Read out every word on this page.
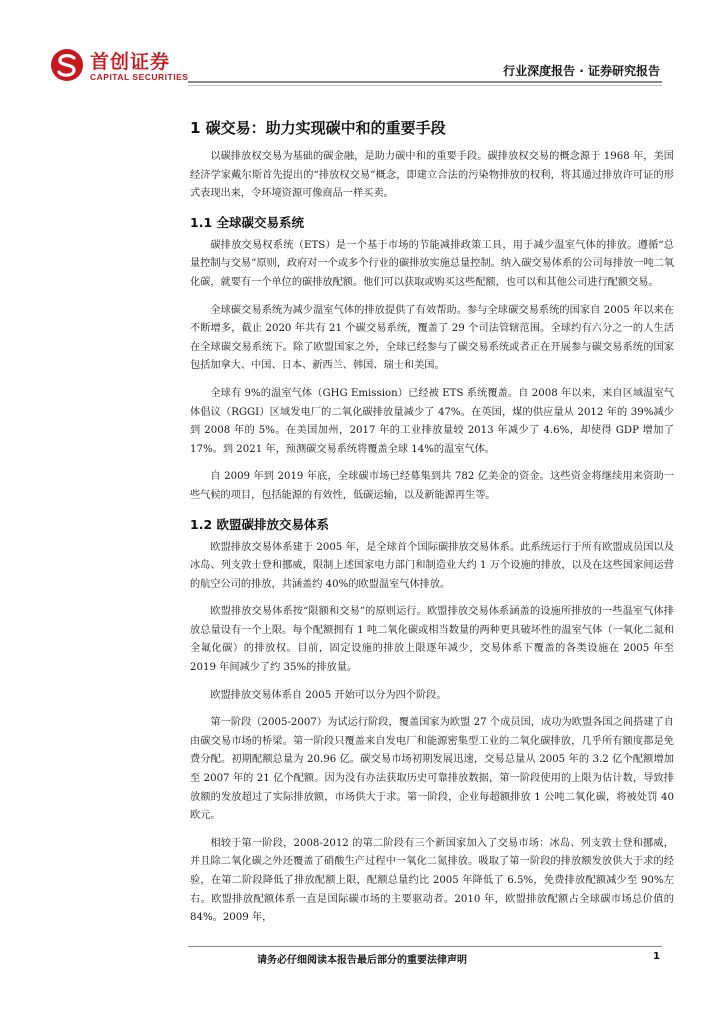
首创证券
CAPITAL SECURITIES	行业深度报告 · 证券研究报告
1 碳交易：助力实现碳中和的重要手段

以碳排放权交易为基础的碳金融，是助力碳中和的重要手段。碳排放权交易的概念源于 1968 年，美国经济学家戴尔斯首先提出的“排放权交易”概念，即建立合法的污染物排放的权利，将其通过排放许可证的形式表现出来，令环境资源可像商品一样买卖。

1.1 全球碳交易系统

碳排放交易权系统（ETS）是一个基于市场的节能减排政策工具，用于减少温室气体的排放。遵循“总量控制与交易”原则，政府对一个或多个行业的碳排放实施总量控制。纳入碳交易体系的公司每排放一吨二氧化碳，就要有一个单位的碳排放配额。他们可以获取或购买这些配额，也可以和其他公司进行配额交易。

全球碳交易系统为减少温室气体的排放提供了有效帮助。参与全球碳交易系统的国家自 2005 年以来在不断增多，截止 2020 年共有 21 个碳交易系统，覆盖了 29 个司法管辖范围。全球约有六分之一的人生活在全球碳交易系统下。除了欧盟国家之外，全球已经参与了碳交易系统或者正在开展参与碳交易系统的国家包括加拿大、中国、日本、新西兰、韩国、瑞士和美国。

全球有 9%的温室气体（GHG Emission）已经被 ETS 系统覆盖。自 2008 年以来，来自区域温室气体倡议（RGGI）区域发电厂的二氧化碳排放量减少了 47%。在英国，煤的供应量从 2012 年的 39%减少到 2008 年的 5%。在美国加州，2017 年的工业排放量较 2013 年减少了 4.6%，却使得 GDP 增加了 17%。到 2021 年，预测碳交易系统将覆盖全球 14%的温室气体。

自 2009 年到 2019 年底，全球碳市场已经募集到共 782 亿美金的资金。这些资金将继续用来资助一些气候的项目，包括能源的有效性，低碳运输，以及新能源再生等。

1.2 欧盟碳排放交易体系

欧盟排放交易体系建于 2005 年，是全球首个国际碳排放交易体系。此系统运行于所有欧盟成员国以及冰岛、列支敦士登和挪威，限制上述国家电力部门和制造业大约 1 万个设施的排放，以及在这些国家间运营的航空公司的排放，共涵盖约 40%的欧盟温室气体排放。

欧盟排放交易体系按“限额和交易”的原则运行。欧盟排放交易体系涵盖的设施所排放的一些温室气体排放总量设有一个上限。每个配额拥有 1 吨二氧化碳或相当数量的两种更具破坏性的温室气体（一氧化二氮和全氟化碳）的排放权。目前，固定设施的排放上限逐年减少，交易体系下覆盖的各类设施在 2005 年至 2019 年间减少了约 35%的排放量。

欧盟排放交易体系自 2005 开始可以分为四个阶段。

第一阶段（2005-2007）为试运行阶段，覆盖国家为欧盟 27 个成员国，成功为欧盟各国之间搭建了自由碳交易市场的桥梁。第一阶段只覆盖来自发电厂和能源密集型工业的二氧化碳排放，几乎所有额度都是免费分配。初期配额总量为 20.96 亿。碳交易市场初期发展迅速，交易总量从 2005 年的 3.2 亿个配额增加至 2007 年的 21 亿个配额。因为没有办法获取历史可靠排放数据，第一阶段使用的上限为估计数，导致排放额的发放超过了实际排放额，市场供大于求。第一阶段，企业每超额排放 1 公吨二氧化碳，将被处罚 40 欧元。

相较于第一阶段，2008-2012 的第二阶段有三个新国家加入了交易市场：冰岛、列支敦士登和挪威，并且除二氧化碳之外还覆盖了硝酸生产过程中一氧化二氮排放。吸取了第一阶段的排放额发放供大于求的经验，在第二阶段降低了排放配额上限，配额总量约比 2005 年降低了 6.5%，免费排放配额减少至 90%左右。欧盟排放配额体系一直是国际碳市场的主要驱动者。2010 年，欧盟排放配额占全球碳市场总价值的 84%。2009 年，

请务必仔细阅读本报告最后部分的重要法律声明	1
